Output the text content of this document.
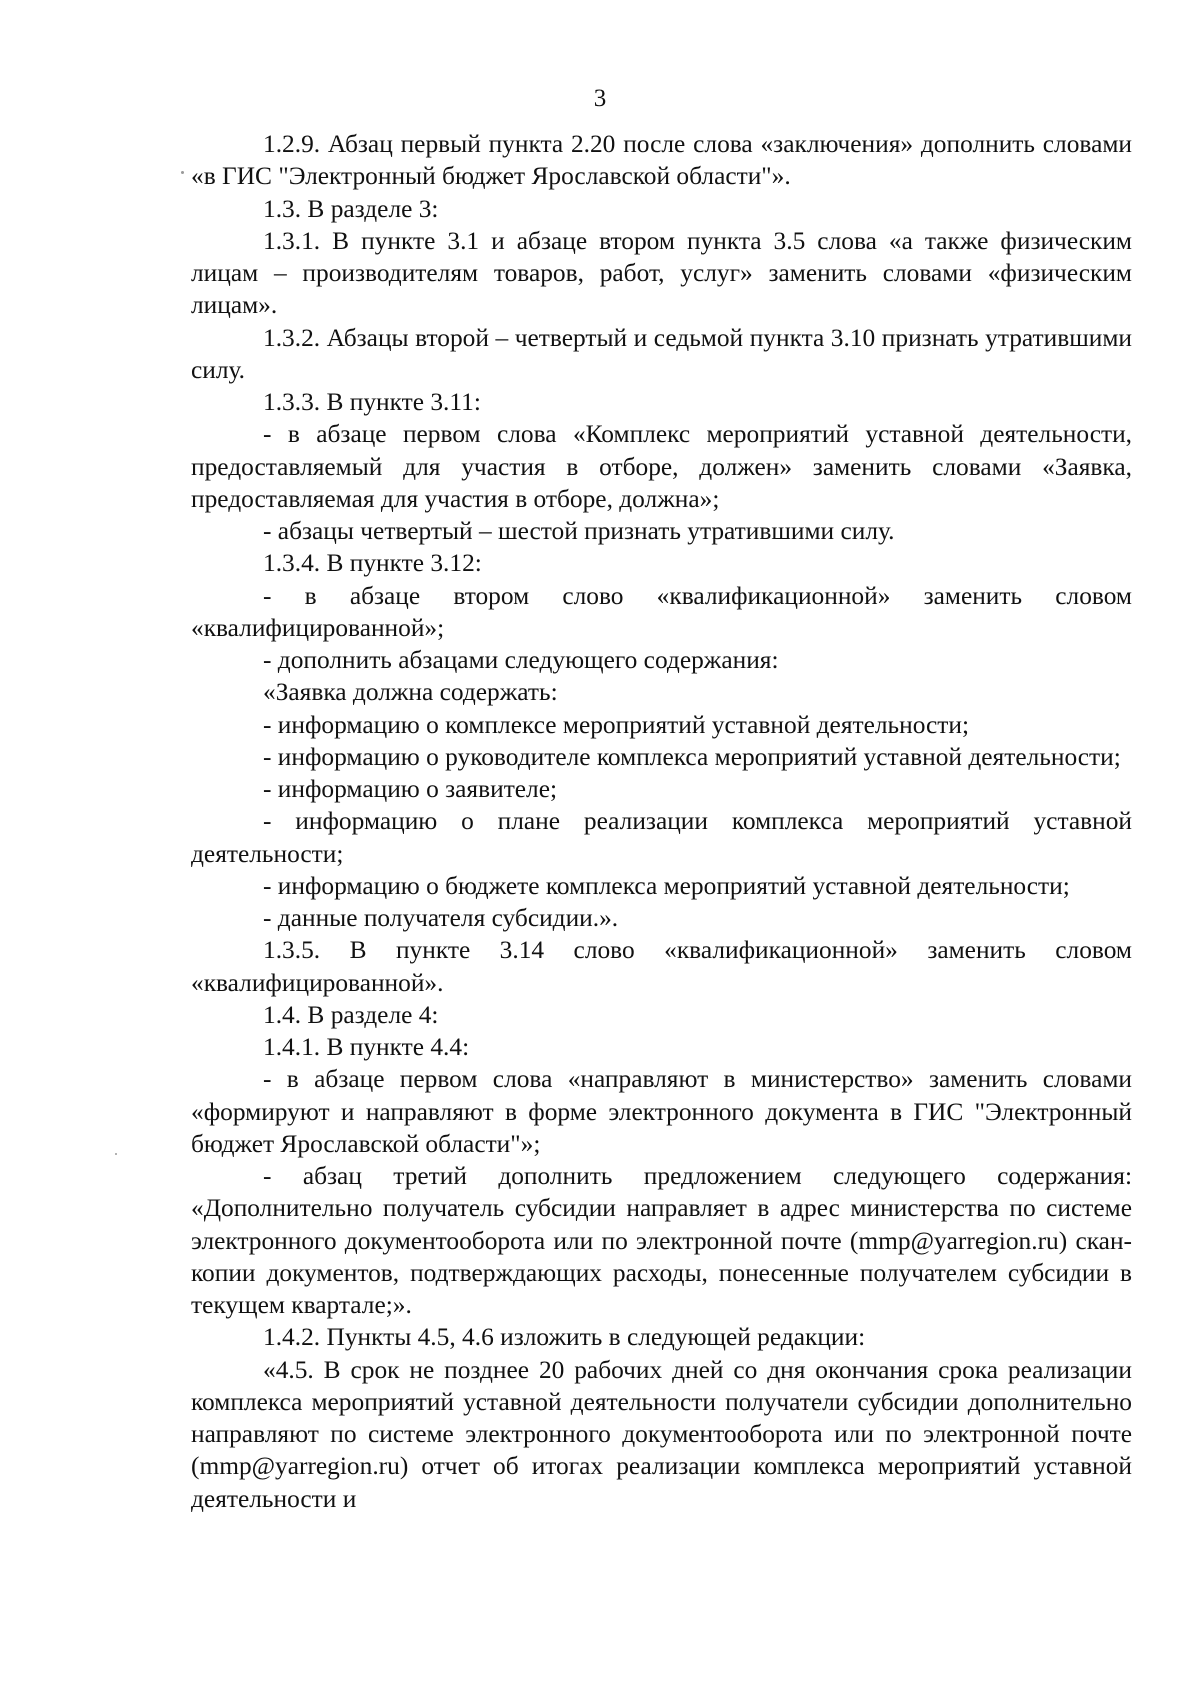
3

1.2.9. Абзац первый пункта 2.20 после слова «заключения» дополнить словами «в ГИС "Электронный бюджет Ярославской области"».

1.3. В разделе 3:

1.3.1. В пункте 3.1 и абзаце втором пункта 3.5 слова «а также физическим лицам – производителям товаров, работ, услуг» заменить словами «физическим лицам».

1.3.2. Абзацы второй – четвертый и седьмой пункта 3.10 признать утратившими силу.

1.3.3. В пункте 3.11:

- в абзаце первом слова «Комплекс мероприятий уставной деятельности, предоставляемый для участия в отборе, должен» заменить словами «Заявка, предоставляемая для участия в отборе, должна»;

- абзацы четвертый – шестой признать утратившими силу.

1.3.4. В пункте 3.12:

- в абзаце втором слово «квалификационной» заменить словом «квалифицированной»;

- дополнить абзацами следующего содержания:

«Заявка должна содержать:

- информацию о комплексе мероприятий уставной деятельности;

- информацию о руководителе комплекса мероприятий уставной деятельности;

- информацию о заявителе;

- информацию о плане реализации комплекса мероприятий уставной деятельности;

- информацию о бюджете комплекса мероприятий уставной деятельности;

- данные получателя субсидии.».

1.3.5. В пункте 3.14 слово «квалификационной» заменить словом «квалифицированной».

1.4. В разделе 4:

1.4.1. В пункте 4.4:

- в абзаце первом слова «направляют в министерство» заменить словами «формируют и направляют в форме электронного документа в ГИС "Электронный бюджет Ярославской области"»;

- абзац третий дополнить предложением следующего содержания: «Дополнительно получатель субсидии направляет в адрес министерства по системе электронного документооборота или по электронной почте (mmp@yarregion.ru) скан-копии документов, подтверждающих расходы, понесенные получателем субсидии в текущем квартале;».

1.4.2. Пункты 4.5, 4.6 изложить в следующей редакции:

«4.5. В срок не позднее 20 рабочих дней со дня окончания срока реализации комплекса мероприятий уставной деятельности получатели субсидии дополнительно направляют по системе электронного документооборота или по электронной почте (mmp@yarregion.ru) отчет об итогах реализации комплекса мероприятий уставной деятельности и
